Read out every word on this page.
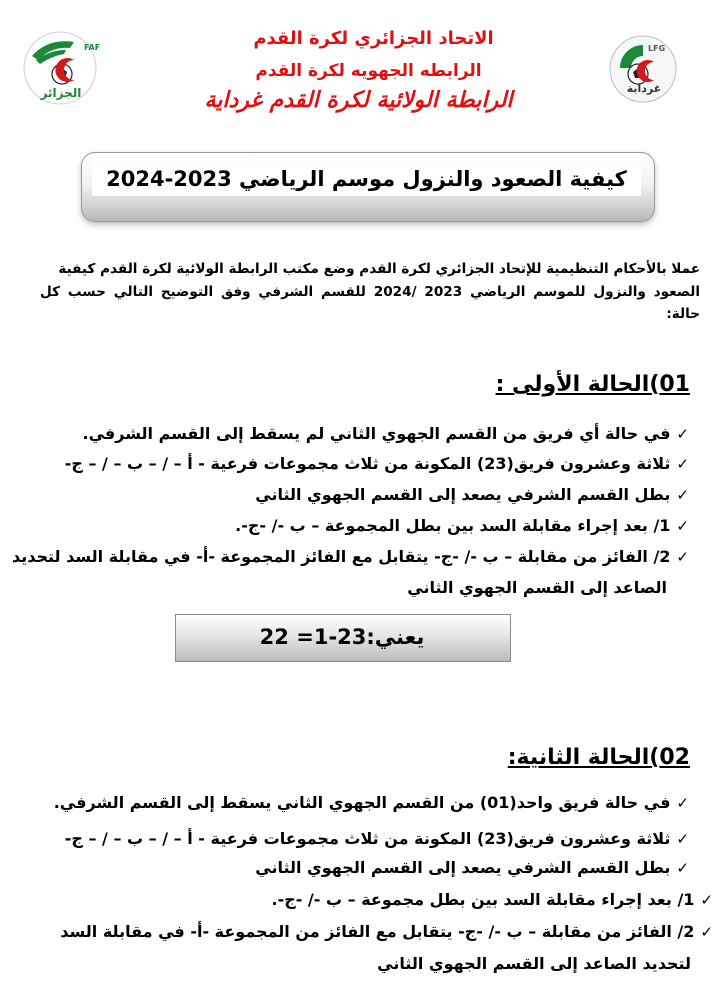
FAF
الجزائر
LFG
غرداية
الاتحاد الجزائري لكرة القدم
الرابطه الجهويه لكرة القدم
الرابطة الولائية لكرة القدم غرداية
كيفية الصعود والنزول موسم الرياضي 2023-2024
عملا بالأحكام التنظيمية للإتحاد الجزائري لكرة القدم وضع مكتب الرابطة الولائية لكرة القدم كيفية
الصعود والنزول للموسم الرياضي 2023 /2024 للقسم الشرفي وفق التوضيح التالي حسب كل حالة:
01)الحالة الأولى :
✓
في حالة أي فريق من القسم الجهوي الثاني لم يسقط إلى القسم الشرفي.
✓
ثلاثة وعشرون فريق(23) المكونة من ثلاث مجموعات فرعية - أ – / – ب – / – ج-
✓
بطل القسم الشرفي يصعد إلى القسم الجهوي الثاني
✓
1/ بعد إجراء مقابلة السد بين بطل المجموعة – ب -/ -ج-.
✓
2/ الفائز من مقابلة – ب -/ -ج- يتقابل مع الفائز المجموعة -أ- في مقابلة السد لتحديد
الصاعد إلى القسم الجهوي الثاني
يعني:23-1= 22
02)الحالة الثانية:
✓
في حالة فريق واحد(01) من القسم الجهوي الثاني يسقط إلى القسم الشرفي.
✓
ثلاثة وعشرون فريق(23) المكونة من ثلاث مجموعات فرعية - أ – / – ب – / – ج-
✓
بطل القسم الشرفي يصعد إلى القسم الجهوي الثاني
✓
1/ بعد إجراء مقابلة السد بين بطل مجموعة – ب -/ -ج-.
✓
2/ الفائز من مقابلة – ب -/ -ج- يتقابل مع الفائز من المجموعة -أ- في مقابلة السد
لتحديد الصاعد إلى القسم الجهوي الثاني
